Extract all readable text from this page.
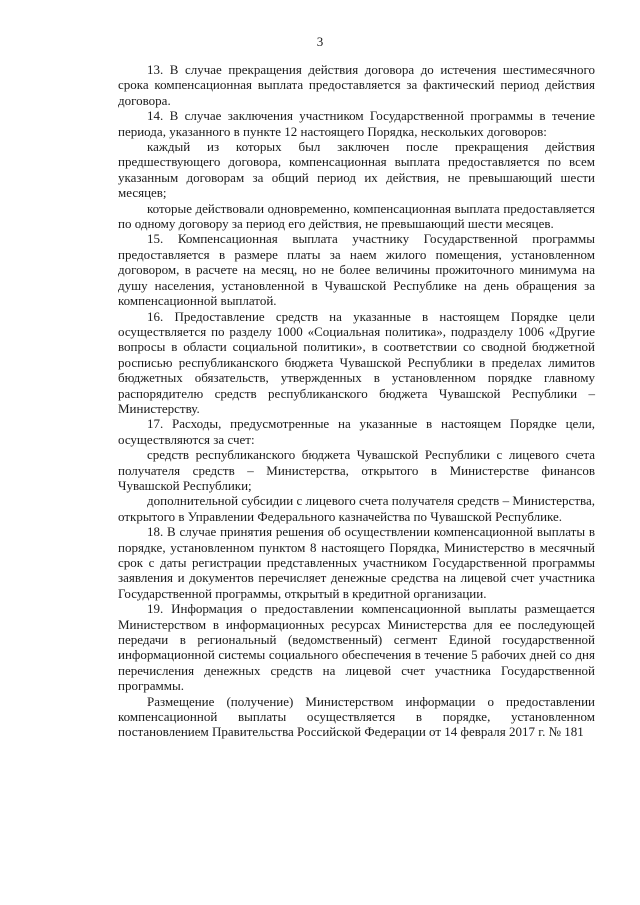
3

13. В случае прекращения действия договора до истечения шестимесячного срока компенсационная выплата предоставляется за фактический период действия договора.

14. В случае заключения участником Государственной программы в течение периода, указанного в пункте 12 настоящего Порядка, нескольких договоров:

каждый из которых был заключен после прекращения действия предшествующего договора, компенсационная выплата предоставляется по всем указанным договорам за общий период их действия, не превышающий шести месяцев;

которые действовали одновременно, компенсационная выплата предоставляется по одному договору за период его действия, не превышающий шести месяцев.

15. Компенсационная выплата участнику Государственной программы предоставляется в размере платы за наем жилого помещения, установленном договором, в расчете на месяц, но не более величины прожиточного минимума на душу населения, установленной в Чувашской Республике на день обращения за компенсационной выплатой.

16. Предоставление средств на указанные в настоящем Порядке цели осуществляется по разделу 1000 «Социальная политика», подразделу 1006 «Другие вопросы в области социальной политики», в соответствии со сводной бюджетной росписью республиканского бюджета Чувашской Республики в пределах лимитов бюджетных обязательств, утвержденных в установленном порядке главному распорядителю средств республиканского бюджета Чувашской Республики – Министерству.

17. Расходы, предусмотренные на указанные в настоящем Порядке цели, осуществляются за счет:

средств республиканского бюджета Чувашской Республики с лицевого счета получателя средств – Министерства, открытого в Министерстве финансов Чувашской Республики;

дополнительной субсидии с лицевого счета получателя средств – Министерства, открытого в Управлении Федерального казначейства по Чувашской Республике.

18. В случае принятия решения об осуществлении компенсационной выплаты в порядке, установленном пунктом 8 настоящего Порядка, Министерство в месячный срок с даты регистрации представленных участником Государственной программы заявления и документов перечисляет денежные средства на лицевой счет участника Государственной программы, открытый в кредитной организации.

19. Информация о предоставлении компенсационной выплаты размещается Министерством в информационных ресурсах Министерства для ее последующей передачи в региональный (ведомственный) сегмент Единой государственной информационной системы социального обеспечения в течение 5 рабочих дней со дня перечисления денежных средств на лицевой счет участника Государственной программы.

Размещение (получение) Министерством информации о предоставлении компенсационной выплаты осуществляется в порядке, установленном постановлением Правительства Российской Федерации от 14 февраля 2017 г. № 181
